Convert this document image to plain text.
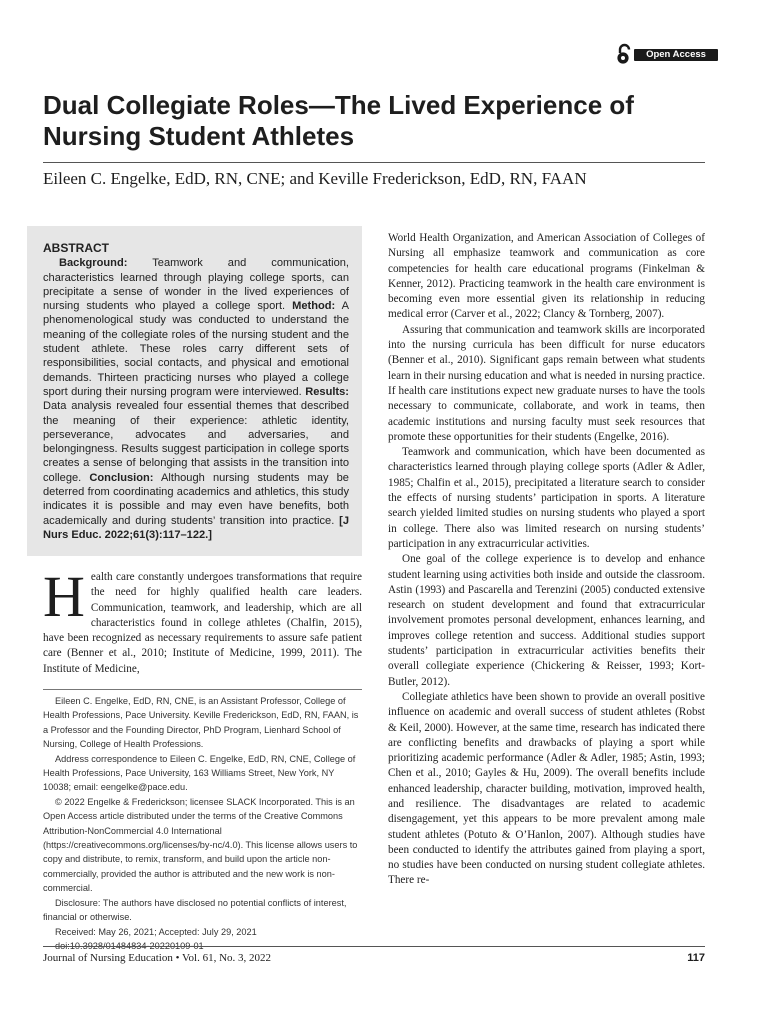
Open Access
Dual Collegiate Roles—The Lived Experience of Nursing Student Athletes
Eileen C. Engelke, EdD, RN, CNE; and Keville Frederickson, EdD, RN, FAAN
ABSTRACT

Background: Teamwork and communication, characteristics learned through playing college sports, can precipitate a sense of wonder in the lived experiences of nursing students who played a college sport. Method: A phenomenological study was conducted to understand the meaning of the collegiate roles of the nursing student and the student athlete. These roles carry different sets of responsibilities, social contacts, and physical and emotional demands. Thirteen practicing nurses who played a college sport during their nursing program were interviewed. Results: Data analysis revealed four essential themes that described the meaning of their experience: athletic identity, perseverance, advocates and adversaries, and belongingness. Results suggest participation in college sports creates a sense of belonging that assists in the transition into college. Conclusion: Although nursing students may be deterred from coordinating academics and athletics, this study indicates it is possible and may even have benefits, both academically and during students’ transition into practice. [J Nurs Educ. 2022;61(3):117–122.]

Health care constantly undergoes transformations that require the need for highly qualified health care leaders. Communication, teamwork, and leadership, which are all characteristics found in college athletes (Chalfin, 2015), have been recognized as necessary requirements to assure safe patient care (Benner et al., 2010; Institute of Medicine, 1999, 2011). The Institute of Medicine,

Eileen C. Engelke, EdD, RN, CNE, is an Assistant Professor, College of Health Professions, Pace University. Keville Frederickson, EdD, RN, FAAN, is a Professor and the Founding Director, PhD Program, Lienhard School of Nursing, College of Health Professions.

Address correspondence to Eileen C. Engelke, EdD, RN, CNE, College of Health Professions, Pace University, 163 Williams Street, New York, NY 10038; email: eengelke@pace.edu.

© 2022 Engelke & Frederickson; licensee SLACK Incorporated. This is an Open Access article distributed under the terms of the Creative Commons Attribution-NonCommercial 4.0 International (https://creativecommons.org/licenses/by-nc/4.0). This license allows users to copy and distribute, to remix, transform, and build upon the article non-commercially, provided the author is attributed and the new work is non-commercial.

Disclosure: The authors have disclosed no potential conflicts of interest, financial or otherwise.

Received: May 26, 2021; Accepted: July 29, 2021

doi:10.3928/01484834-20220109-01

World Health Organization, and American Association of Colleges of Nursing all emphasize teamwork and communication as core competencies for health care educational programs (Finkelman & Kenner, 2012). Practicing teamwork in the health care environment is becoming even more essential given its relationship in reducing medical error (Carver et al., 2022; Clancy & Tornberg, 2007).

Assuring that communication and teamwork skills are incorporated into the nursing curricula has been difficult for nurse educators (Benner et al., 2010). Significant gaps remain between what students learn in their nursing education and what is needed in nursing practice. If health care institutions expect new graduate nurses to have the tools necessary to communicate, collaborate, and work in teams, then academic institutions and nursing faculty must seek resources that promote these opportunities for their students (Engelke, 2016).

Teamwork and communication, which have been documented as characteristics learned through playing college sports (Adler & Adler, 1985; Chalfin et al., 2015), precipitated a literature search to consider the effects of nursing students’ participation in sports. A literature search yielded limited studies on nursing students who played a sport in college. There also was limited research on nursing students’ participation in any extracurricular activities.

One goal of the college experience is to develop and enhance student learning using activities both inside and outside the classroom. Astin (1993) and Pascarella and Terenzini (2005) conducted extensive research on student development and found that extracurricular involvement promotes personal development, enhances learning, and improves college retention and success. Additional studies support students’ participation in extracurricular activities benefits their overall collegiate experience (Chickering & Reisser, 1993; Kort-Butler, 2012).

Collegiate athletics have been shown to provide an overall positive influence on academic and overall success of student athletes (Robst & Keil, 2000). However, at the same time, research has indicated there are conflicting benefits and drawbacks of playing a sport while prioritizing academic performance (Adler & Adler, 1985; Astin, 1993; Chen et al., 2010; Gayles & Hu, 2009). The overall benefits include enhanced leadership, character building, motivation, improved health, and resilience. The disadvantages are related to academic disengagement, yet this appears to be more prevalent among male student athletes (Potuto & O’Hanlon, 2007). Although studies have been conducted to identify the attributes gained from playing a sport, no studies have been conducted on nursing student collegiate athletes. There re-

Journal of Nursing Education • Vol. 61, No. 3, 2022	117
